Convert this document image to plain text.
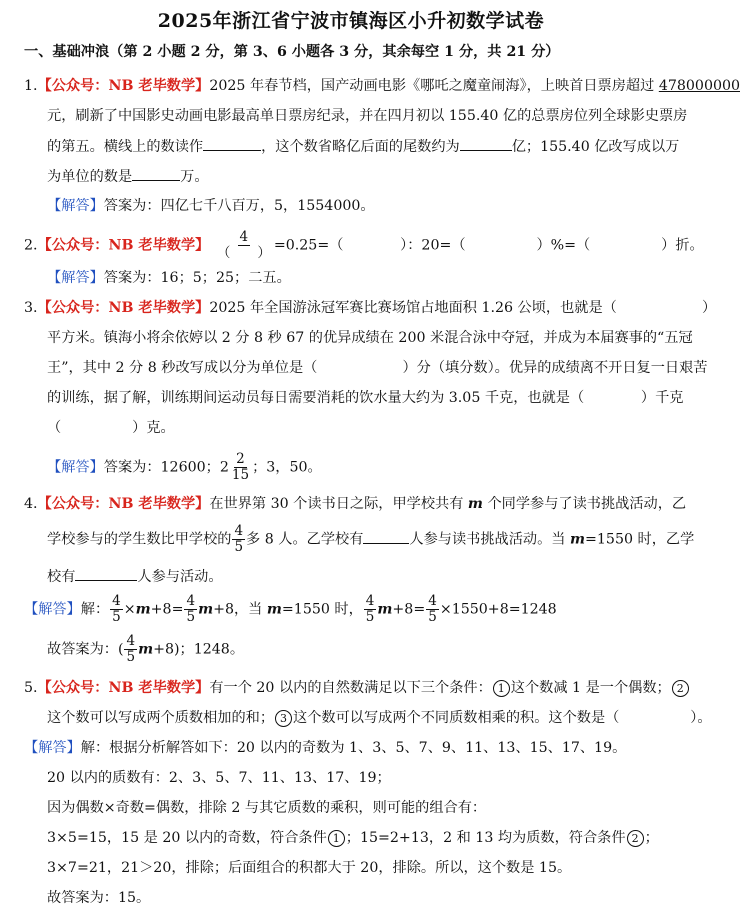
2025年浙江省宁波市镇海区小升初数学试卷
一、基础冲浪（第 2 小题 2 分，第 3、6 小题各 3 分，其余每空 1 分，共 21 分）
1.【公众号：NB 老毕数学】2025 年春节档，国产动画电影《哪吒之魔童闹海》，上映首日票房超过 478000000
元，刷新了中国影史动画电影最高单日票房纪录，并在四月初以 155.40 亿的总票房位列全球影史票房
的第五。横线上的数读作	，这个数省略亿后面的尾数约为	亿；155.40 亿改写成以万
为单位的数是	万。
【解答】答案为：四亿七千八百万，5，1554000。
2.【公众号：NB 老毕数学】 $\frac{4}{( )} =0.25=$（　　　　）：20=（　　　　　）%=（　　　　　）折。
【解答】答案为：16；5；25；二五。
3.【公众号：NB 老毕数学】2025 年全国游泳冠军赛比赛场馆占地面积 1.26 公顷，也就是（　　　　　　）
平方米。镇海小将余依婷以 2 分 8 秒 67 的优异成绩在 200 米混合泳中夺冠，并成为本届赛事的“五冠
王”，其中 2 分 8 秒改写成以分为单位是（　　　　　　）分（填分数）。优异的成绩离不开日复一日艰苦
的训练，据了解，训练期间运动员每日需要消耗的饮水量大约为 3.05 千克，也就是（　　　　）千克
（　　　　　）克。
【解答】答案为：12600；$2 \frac{2}{15}$ ；3，50。
4.【公众号：NB 老毕数学】在世界第 30 个读书日之际，甲学校共有 m 个同学参与了读书挑战活动，乙
学校参与的学生数比甲学校的 $\frac{4}{5}$ 多 8 人。乙学校有	人参与读书挑战活动。当 m=1550 时，乙学
校有	人参与活动。
【解答】解： $\frac{4}{5} \times m+8= \frac{4}{5} m+8$，当 m=1550 时， $\frac{4}{5} m+8= \frac{4}{5} \times 1550+8=1248$
故答案为：( $\frac{4}{5} m+8$)；1248。
5.【公众号：NB 老毕数学】有一个 20 以内的自然数满足以下三个条件： 1 这个数减 1 是一个偶数； 2
这个数可以写成两个质数相加的和； 3 这个数可以写成两个不同质数相乘的积。这个数是（　　　　　）。
【解答】解：根据分析解答如下：20 以内的奇数为 1、3、5、7、9、11、13、15、17、19。
20 以内的质数有：2、3、5、7、11、13、17、19；
因为偶数×奇数=偶数，排除 2 与其它质数的乘积，则可能的组合有：
3×5=15，15 是 20 以内的奇数，符合条件 1 ；15=2+13，2 和 13 均为质数，符合条件 2 ；
3×7=21，21＞20，排除；后面组合的积都大于 20，排除。所以，这个数是 15。
故答案为：15。
